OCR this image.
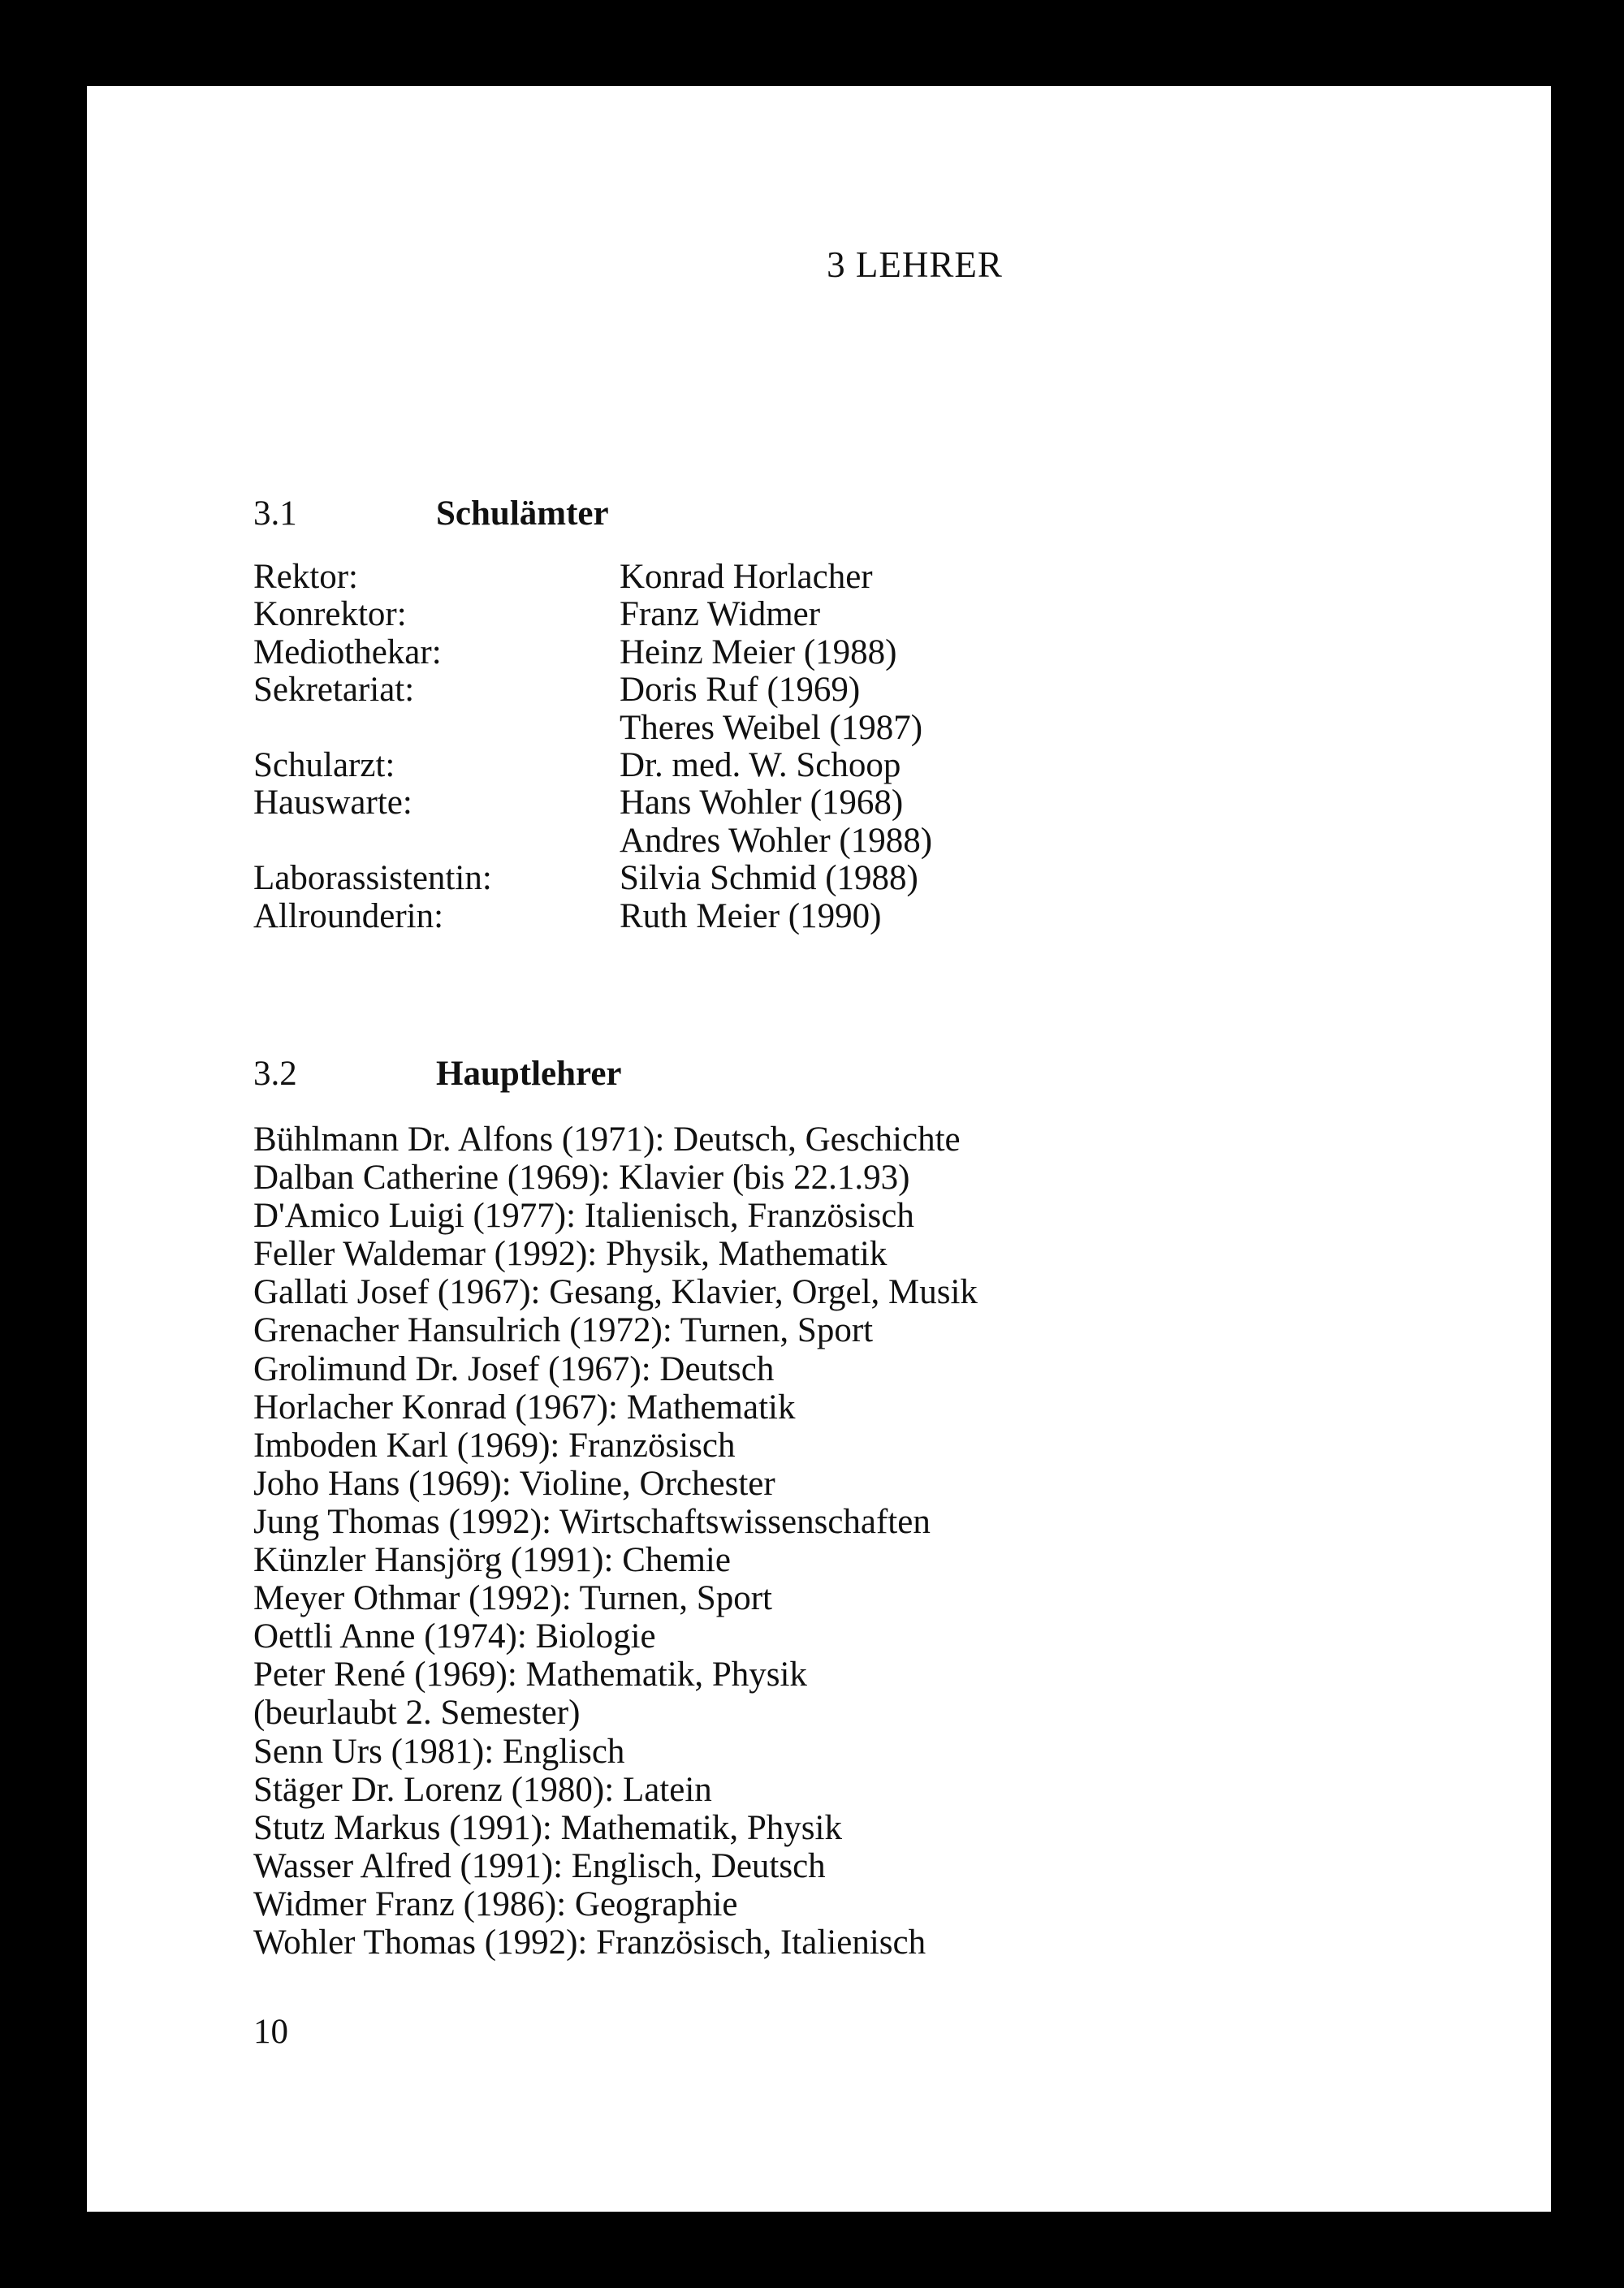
3 LEHRER
3.1	Schulämter
Rektor:	Konrad Horlacher
Konrektor:	Franz Widmer
Mediothekar:	Heinz Meier (1988)
Sekretariat:	Doris Ruf (1969)
Theres Weibel (1987)
Schularzt:	Dr. med. W. Schoop
Hauswarte:	Hans Wohler (1968)
Andres Wohler (1988)
Laborassistentin:	Silvia Schmid (1988)
Allrounderin:	Ruth Meier (1990)
3.2	Hauptlehrer
Bühlmann Dr. Alfons (1971): Deutsch, Geschichte
Dalban Catherine (1969): Klavier (bis 22.1.93)
D'Amico Luigi (1977): Italienisch, Französisch
Feller Waldemar (1992): Physik, Mathematik
Gallati Josef (1967): Gesang, Klavier, Orgel, Musik
Grenacher Hansulrich (1972): Turnen, Sport
Grolimund Dr. Josef (1967): Deutsch
Horlacher Konrad (1967): Mathematik
Imboden Karl (1969): Französisch
Joho Hans (1969): Violine, Orchester
Jung Thomas (1992): Wirtschaftswissenschaften
Künzler Hansjörg (1991): Chemie
Meyer Othmar (1992): Turnen, Sport
Oettli Anne (1974): Biologie
Peter René (1969): Mathematik, Physik
(beurlaubt 2. Semester)
Senn Urs (1981): Englisch
Stäger Dr. Lorenz (1980): Latein
Stutz Markus (1991): Mathematik, Physik
Wasser Alfred (1991): Englisch, Deutsch
Widmer Franz (1986): Geographie
Wohler Thomas (1992): Französisch, Italienisch
10
